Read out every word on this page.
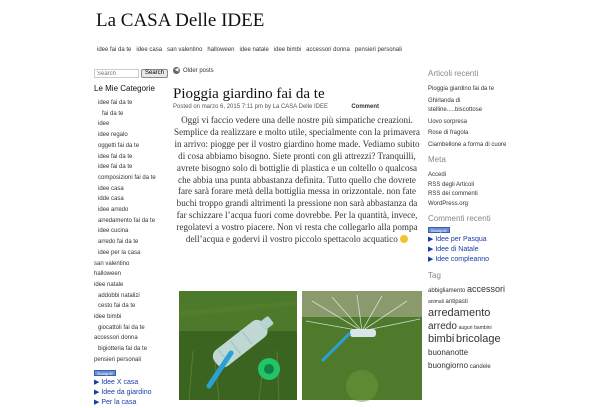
La CASA Delle IDEE
idee fai da te idee casa san valentino halloween idee natale idee bimbi accessori donna pensieri personali
Search
Search
Le Mie Categorie
idee fai da te
fai da te
idee
idee regalo
oggetti fai da te
idee fai da te
idee fai da te
composizioni fai da te
idee casa
idde casa
idee arredo
arredamento fai da te
idee cucina
arredo fai da te
idee per la casa
san valentino
halloween
idee natale
addobbi natalizi
cesto fai da te
idee bimbi
giocattoli fai da te
accessori donna
bigiotteria fai da te
pensieri personali
Scoop.it!
▶ Idee X casa
▶ Idee da giardino
▶ Per la casa
◀ Older posts
Pioggia giardino fai da te
Posted on marzo 6, 2015 7:11 pm by La CASA Delle IDEE	Comment
Oggi vi faccio vedere una delle nostre più simpatiche creazioni. Semplice da realizzare e molto utile, specialmente con la primavera in arrivo: piogge per il vostro giardino home made. Vediamo subito di cosa abbiamo bisogno. Siete pronti con gli attrezzi? Tranquilli, avrete bisogno solo di bottiglie di plastica e un coltello o qualcosa che abbia una punta abbastanza definita. Tutto quello che dovrete fare sarà forare metà della bottiglia messa in orizzontale. non fate buchi troppo grandi altrimenti la pressione non sarà abbastanza da far schizzare l’acqua fuori come dovrebbe. Per la quantità, invece, regolatevi a vostro piacere. Non vi resta che collegarlo alla pompa dell’acqua e godervi il vostro piccolo spettacolo acquatico
Articoli recenti
Pioggia giardino fai da te
Ghirlanda di stelline.....biscottose
Uovo sorpresa
Rose di fragola
Ciambellone a forma di cuore
Meta
Accedi
RSS degli Articoli
RSS dei commenti
WordPress.org
Commenti recenti
Scoop.it!
▶ Idee per Pasqua
▶ Idee di Natale
▶ Idee compleanno
Tag
abbigliamento accessori animali antipasti arredamento arredo auguri bambini bimbi bricolage buonanotte buongiorno candele
